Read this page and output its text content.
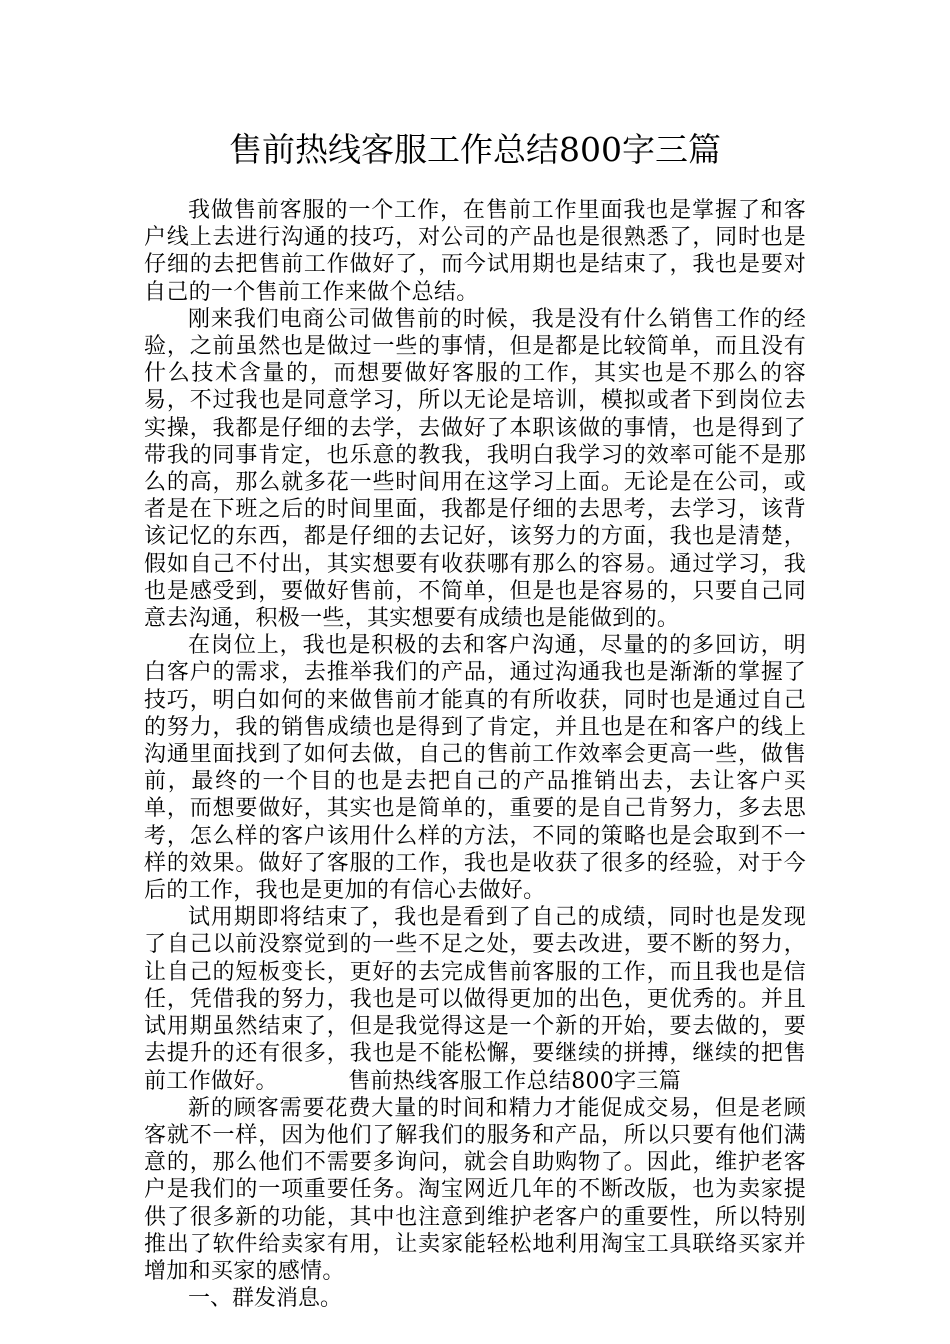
售前热线客服工作总结800字三篇

我做售前客服的一个工作，在售前工作里面我也是掌握了和客户线上去进行沟通的技巧，对公司的产品也是很熟悉了，同时也是仔细的去把售前工作做好了，而今试用期也是结束了，我也是要对自己的一个售前工作来做个总结。

刚来我们电商公司做售前的时候，我是没有什么销售工作的经验，之前虽然也是做过一些的事情，但是都是比较简单，而且没有什么技术含量的，而想要做好客服的工作，其实也是不那么的容易，不过我也是同意学习，所以无论是培训，模拟或者下到岗位去实操，我都是仔细的去学，去做好了本职该做的事情，也是得到了带我的同事肯定，也乐意的教我，我明白我学习的效率可能不是那么的高，那么就多花一些时间用在这学习上面。无论是在公司，或者是在下班之后的时间里面，我都是仔细的去思考，去学习，该背该记忆的东西，都是仔细的去记好，该努力的方面，我也是清楚，假如自己不付出，其实想要有收获哪有那么的容易。通过学习，我也是感受到，要做好售前，不简单，但是也是容易的，只要自己同意去沟通，积极一些，其实想要有成绩也是能做到的。

在岗位上，我也是积极的去和客户沟通，尽量的的多回访，明白客户的需求，去推举我们的产品，通过沟通我也是渐渐的掌握了技巧，明白如何的来做售前才能真的有所收获，同时也是通过自己的努力，我的销售成绩也是得到了肯定，并且也是在和客户的线上沟通里面找到了如何去做，自己的售前工作效率会更高一些，做售前，最终的一个目的也是去把自己的产品推销出去，去让客户买单，而想要做好，其实也是简单的，重要的是自己肯努力，多去思考，怎么样的客户该用什么样的方法，不同的策略也是会取到不一样的效果。做好了客服的工作，我也是收获了很多的经验，对于今后的工作，我也是更加的有信心去做好。

试用期即将结束了，我也是看到了自己的成绩，同时也是发现了自己以前没察觉到的一些不足之处，要去改进，要不断的努力，让自己的短板变长，更好的去完成售前客服的工作，而且我也是信任，凭借我的努力，我也是可以做得更加的出色，更优秀的。并且试用期虽然结束了，但是我觉得这是一个新的开始，要去做的，要去提升的还有很多，我也是不能松懈，要继续的拼搏，继续的把售前工作做好。	售前热线客服工作总结800字三篇

新的顾客需要花费大量的时间和精力才能促成交易，但是老顾客就不一样，因为他们了解我们的服务和产品，所以只要有他们满意的，那么他们不需要多询问，就会自助购物了。因此，维护老客户是我们的一项重要任务。淘宝网近几年的不断改版，也为卖家提供了很多新的功能，其中也注意到维护老客户的重要性，所以特别推出了软件给卖家有用，让卖家能轻松地利用淘宝工具联络买家并增加和买家的感情。

一、群发消息。
